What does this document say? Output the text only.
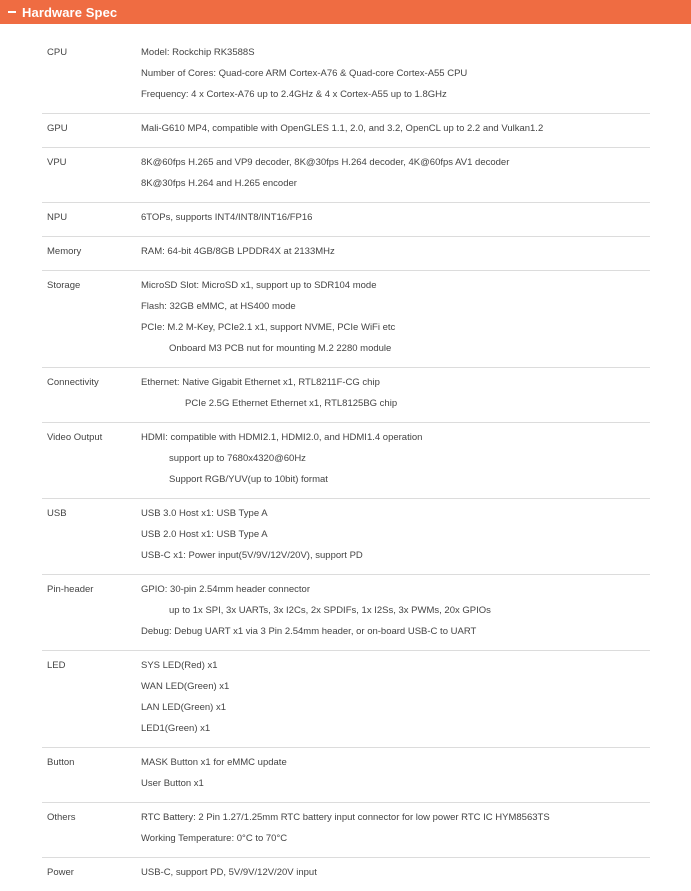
Hardware Spec
CPU	Model: Rockchip RK3588S
Number of Cores: Quad-core ARM Cortex-A76 & Quad-core Cortex-A55 CPU
Frequency: 4 x Cortex-A76 up to 2.4GHz & 4 x Cortex-A55 up to 1.8GHz
GPU	Mali-G610 MP4, compatible with OpenGLES 1.1, 2.0, and 3.2, OpenCL up to 2.2 and Vulkan1.2
VPU	8K@60fps H.265 and VP9 decoder, 8K@30fps H.264 decoder, 4K@60fps AV1 decoder
8K@30fps H.264 and H.265 encoder
NPU	6TOPs, supports INT4/INT8/INT16/FP16
Memory	RAM: 64-bit 4GB/8GB LPDDR4X at 2133MHz
Storage	MicroSD Slot: MicroSD x1, support up to SDR104 mode
Flash: 32GB eMMC, at HS400 mode
PCIe: M.2 M-Key, PCIe2.1 x1, support NVME, PCIe WiFi etc
Onboard M3 PCB nut for mounting M.2 2280 module
Connectivity	Ethernet: Native Gigabit Ethernet x1, RTL8211F-CG chip
PCIe 2.5G Ethernet Ethernet x1, RTL8125BG chip
Video Output	HDMI: compatible with HDMI2.1, HDMI2.0, and HDMI1.4 operation
support up to 7680x4320@60Hz
Support RGB/YUV(up to 10bit) format
USB	USB 3.0 Host x1: USB Type A
USB 2.0 Host x1: USB Type A
USB-C x1: Power input(5V/9V/12V/20V), support PD
Pin-header	GPIO: 30-pin 2.54mm header connector
up to 1x SPI, 3x UARTs, 3x I2Cs, 2x SPDIFs, 1x I2Ss, 3x PWMs, 20x GPIOs
Debug: Debug UART x1 via 3 Pin 2.54mm header, or on-board USB-C to UART
LED	SYS LED(Red) x1
WAN LED(Green) x1
LAN LED(Green) x1
LED1(Green) x1
Button	MASK Button x1 for eMMC update
User Button x1
Others	RTC Battery: 2 Pin 1.27/1.25mm RTC battery input connector for low power RTC IC HYM8563TS
Working Temperature: 0°C to 70°C
Power	USB-C, support PD, 5V/9V/12V/20V input
